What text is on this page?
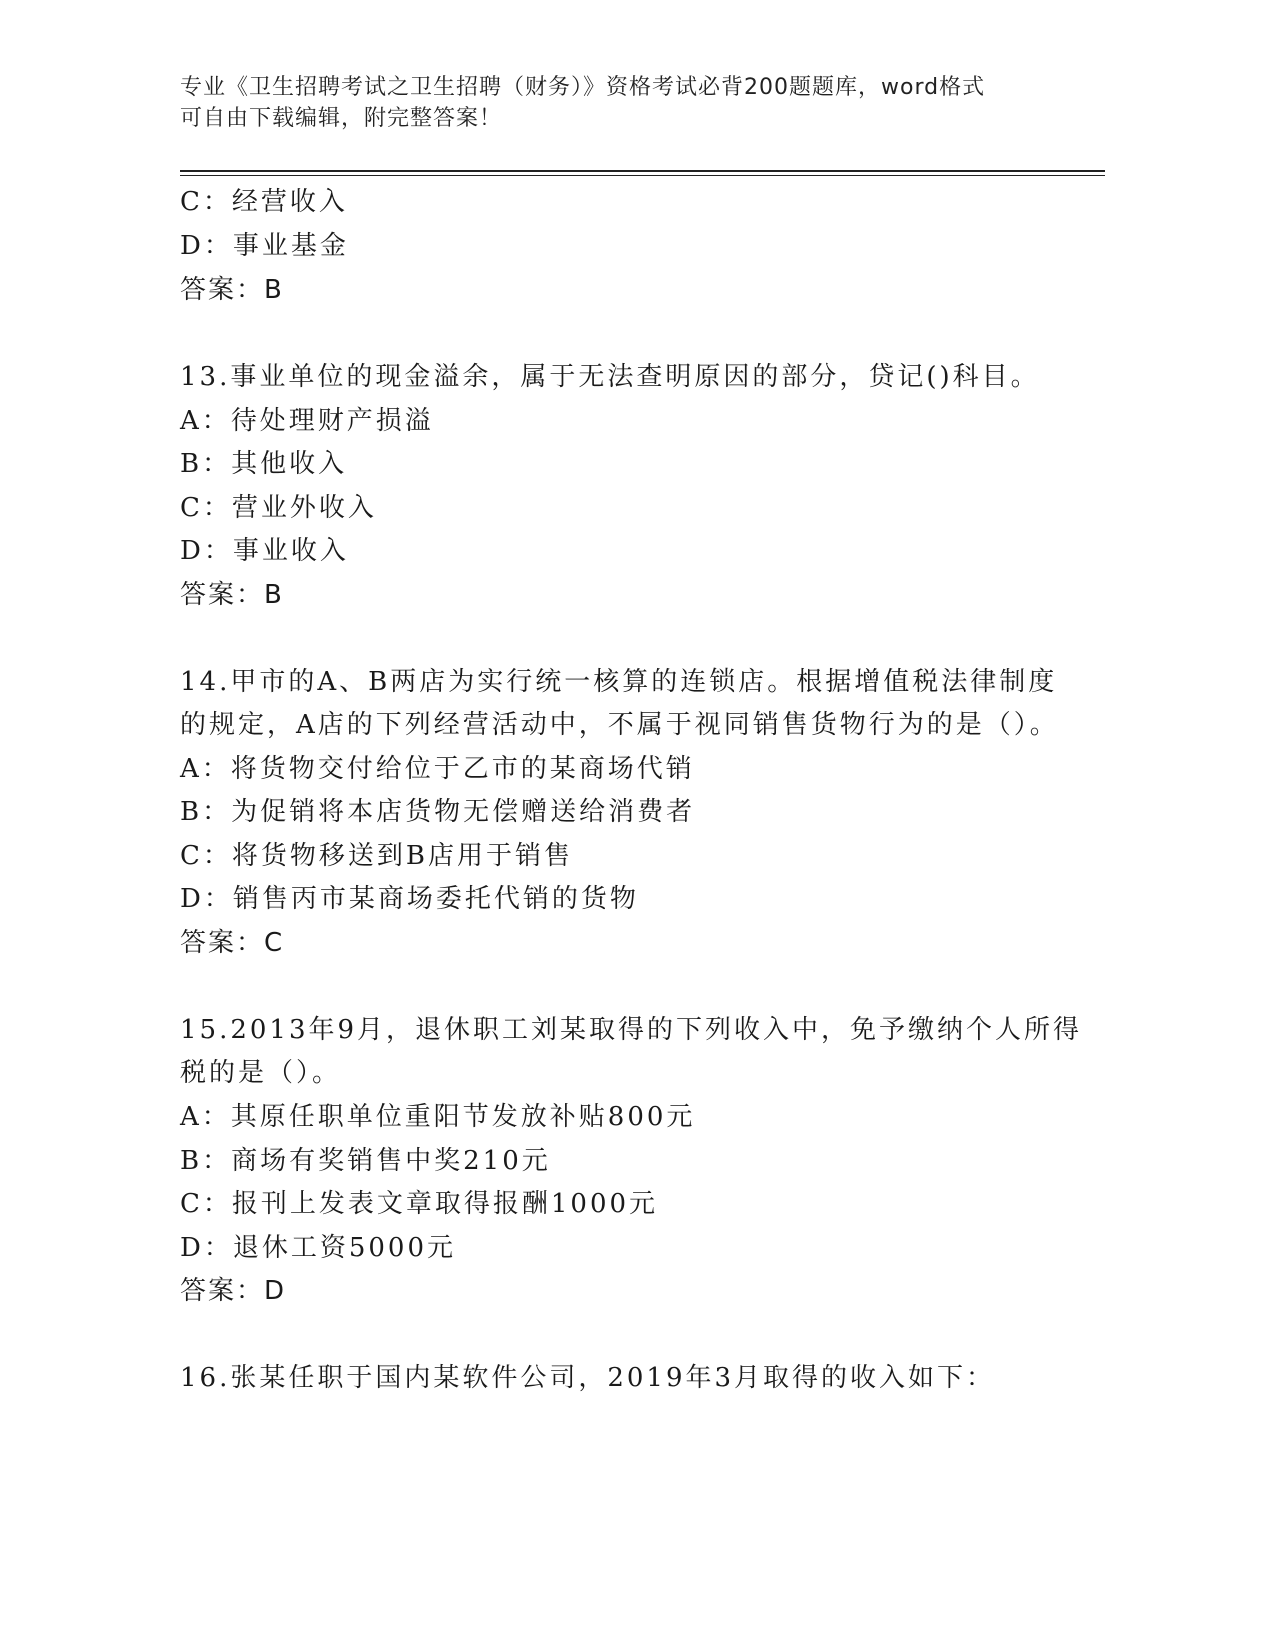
专业《卫生招聘考试之卫生招聘（财务）》资格考试必背200题题库，word格式
可自由下载编辑，附完整答案！
C：经营收入
D：事业基金
答案：B
13.事业单位的现金溢余，属于无法查明原因的部分，贷记()科目。
A：待处理财产损溢
B：其他收入
C：营业外收入
D：事业收入
答案：B
14.甲市的A、B两店为实行统一核算的连锁店。根据增值税法律制度
的规定，A店的下列经营活动中，不属于视同销售货物行为的是（）。
A：将货物交付给位于乙市的某商场代销
B：为促销将本店货物无偿赠送给消费者
C：将货物移送到B店用于销售
D：销售丙市某商场委托代销的货物
答案：C
15.2013年9月，退休职工刘某取得的下列收入中，免予缴纳个人所得
税的是（）。
A：其原任职单位重阳节发放补贴800元
B：商场有奖销售中奖210元
C：报刊上发表文章取得报酬1000元
D：退休工资5000元
答案：D
16.张某任职于国内某软件公司，2019年3月取得的收入如下：
